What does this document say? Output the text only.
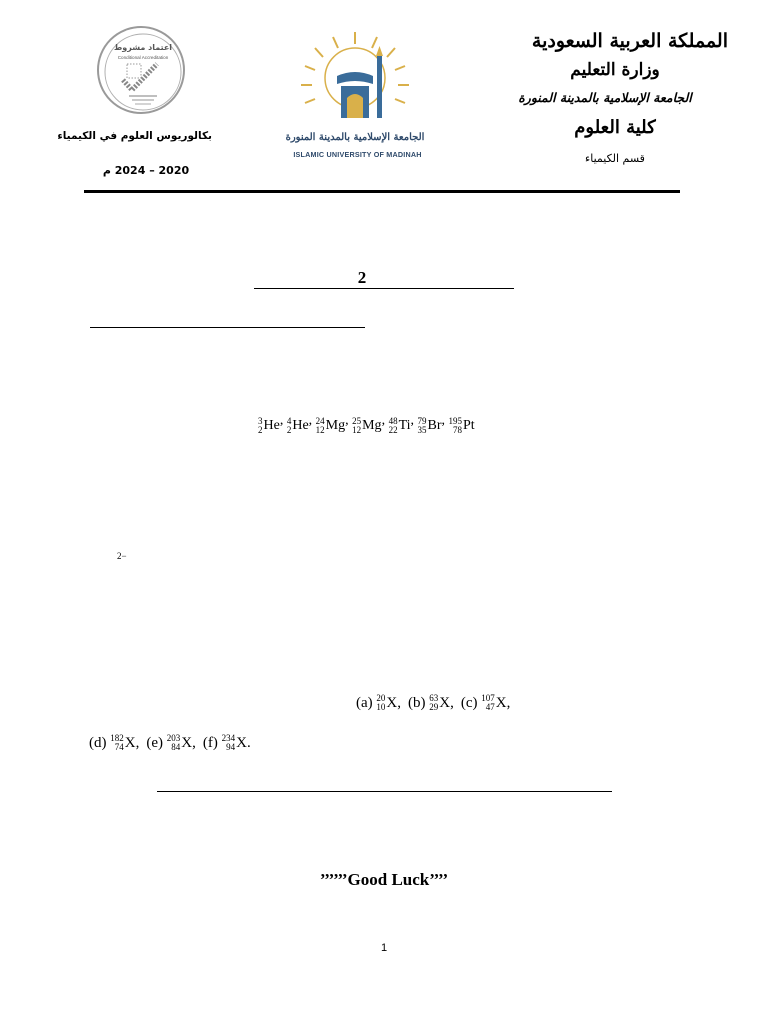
اعتماد مشروط
Conditional Accreditation
بكالوريوس العلوم في الكيمياء
2020 – 2024 م
الجامعة الإسلامية بالمدينة المنورة
ISLAMIC UNIVERSITY OF MADINAH
المملكة العربية السعودية
وزارة التعليم
الجامعة الإسلامية بالمدينة المنورة
كلية العلوم
قسم الكيمياء
2
3
2 He , 4
2 He , 24
12 Mg , 25
12 Mg , 48
22 Ti , 79
35 Br , 195
78 Pt
2−
(a) 20
10 X , (b) 63
29 X , (c) 107
47 X ,
(d) 182
74 X , (e) 203
84 X , (f) 234
94 X .
’’’’’’Good Luck’’’’
1
